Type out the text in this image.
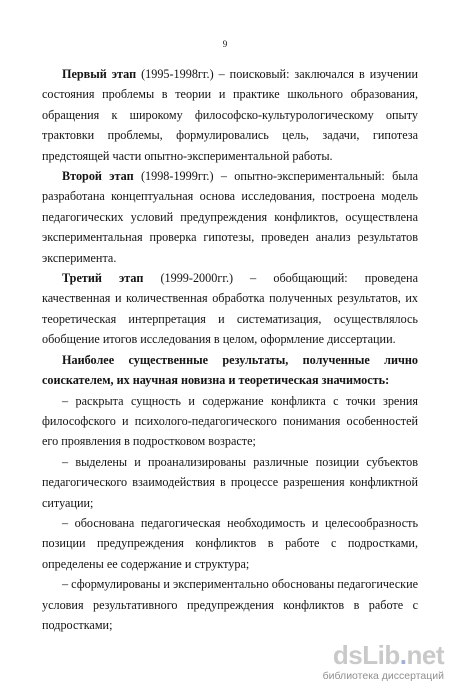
9

Первый этап (1995-1998гг.) – поисковый: заключался в изучении состояния проблемы в теории и практике школьного образования, обращения к широкому философско-культурологическому опыту трактовки проблемы, формулировались цель, задачи, гипотеза предстоящей части опытно-экспериментальной работы.

Второй этап (1998-1999гг.) – опытно-экспериментальный: была разработана концептуальная основа исследования, построена модель педагогических условий предупреждения конфликтов, осуществлена экспериментальная проверка гипотезы, проведен анализ результатов эксперимента.

Третий этап (1999-2000гг.) – обобщающий: проведена качественная и количественная обработка полученных результатов, их теоретическая интерпретация и систематизация, осуществлялось обобщение итогов исследования в целом, оформление диссертации.

Наиболее существенные результаты, полученные лично соискателем, их научная новизна и теоретическая значимость:

– раскрыта сущность и содержание конфликта с точки зрения философского и психолого-педагогического понимания особенностей его проявления в подростковом возрасте;

– выделены и проанализированы различные позиции субъектов педагогического взаимодействия в процессе разрешения конфликтной ситуации;

– обоснована педагогическая необходимость и целесообразность позиции предупреждения конфликтов в работе с подростками, определены ее содержание и структура;

– сформулированы и экспериментально обоснованы педагогические условия результативного предупреждения конфликтов в работе с подростками;

dsLib.net
библиотека диссертаций
